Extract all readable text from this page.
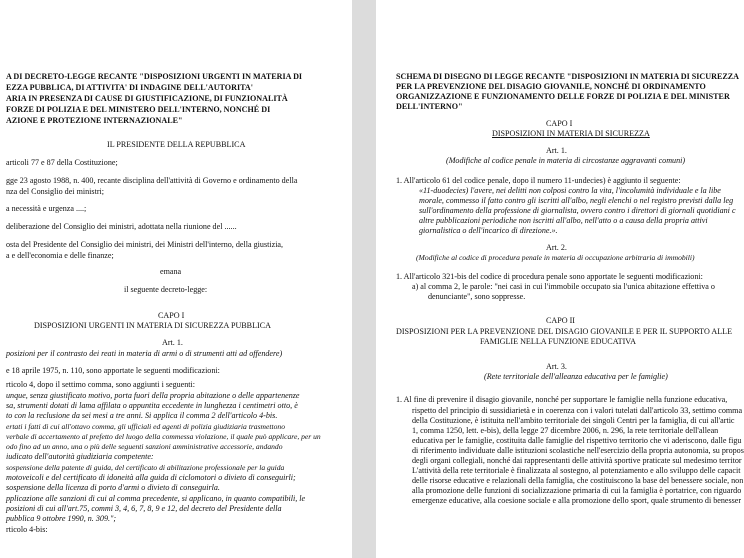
A DI DECRETO-LEGGE RECANTE "DISPOSIZIONI URGENTI IN MATERIA DI
EZZA PUBBLICA, DI ATTIVITA' DI INDAGINE DELL'AUTORITA'
ARIA IN PRESENZA DI CAUSE DI GIUSTIFICAZIONE, DI FUNZIONALITÀ
FORZE DI POLIZIA E DEL MINISTERO DELL'INTERNO, NONCHÉ DI
AZIONE E PROTEZIONE INTERNAZIONALE"
IL PRESIDENTE DELLA REPUBBLICA
articoli 77 e 87 della Costituzione;
gge 23 agosto 1988, n. 400, recante disciplina dell'attività di Governo e ordinamento della
nza del Consiglio dei ministri;
a necessità e urgenza ....;
deliberazione del Consiglio dei ministri, adottata nella riunione del ......
osta del Presidente del Consiglio dei ministri, dei Ministri dell'interno, della giustizia,
a e dell'economia e delle finanze;
emana
il seguente decreto-legge:
CAPO I
DISPOSIZIONI URGENTI IN MATERIA DI SICUREZZA PUBBLICA
Art. 1.
posizioni per il contrasto dei reati in materia di armi o di strumenti atti ad offendere)
e 18 aprile 1975, n. 110, sono apportate le seguenti modificazioni:
rticolo 4, dopo il settimo comma, sono aggiunti i seguenti:
unque, senza giustificato motivo, porta fuori della propria abitazione o delle appartenenze
sa, strumenti dotati di lama affilata o appuntita eccedente in lunghezza i centimetri otto, è
to con la reclusione da sei mesi a tre anni. Si applica il comma 2 dell'articolo 4-bis.
ertati i fatti di cui all'ottavo comma, gli ufficiali ed agenti di polizia giudiziaria trasmettono
verbale di accertamento al prefetto del luogo della commessa violazione, il quale può applicare, per un
odo fino ad un anno, una o più delle seguenti sanzioni amministrative accessorie, andando
iudicato dell'autorità giudiziaria competente:
sospensione della patente di guida, del certificato di abilitazione professionale per la guida
motoveicoli e del certificato di idoneità alla guida di ciclomotori o divieto di conseguirli;
sospensione della licenza di porto d'armi o divieto di conseguirla.
pplicazione alle sanzioni di cui al comma precedente, si applicano, in quanto compatibili, le
posizioni di cui all'art.75, commi 3, 4, 6, 7, 8, 9 e 12, del decreto del Presidente della
pubblica 9 ottobre 1990, n. 309.";
rticolo 4-bis:
SCHEMA DI DISEGNO DI LEGGE RECANTE "DISPOSIZIONI IN MATERIA DI SICUREZZA
PER LA PREVENZIONE DEL DISAGIO GIOVANILE, NONCHÉ DI ORDINAMENTO
ORGANIZZAZIONE E FUNZIONAMENTO DELLE FORZE DI POLIZIA E DEL MINISTER
DELL'INTERNO"
CAPO I
DISPOSIZIONI IN MATERIA DI SICUREZZA
Art. 1.
(Modifiche al codice penale in materia di circostanze aggravanti comuni)
1. All'articolo 61 del codice penale, dopo il numero 11-undecies) è aggiunto il seguente:
«11-duodecies) l'avere, nei delitti non colposi contro la vita, l'incolumità individuale e la libe
morale, commesso il fatto contro gli iscritti all'albo, negli elenchi o nel registro previsti dalla leg
sull'ordinamento della professione di giornalista, ovvero contro i direttori di giornali quotidiani c
altre pubblicazioni periodiche non iscritti all'albo, nell'atto o a causa della propria attivi
giornalistica o dell'incarico di direzione.».
Art. 2.
(Modifiche al codice di procedura penale in materia di occupazione arbitraria di immobili)
1. All'articolo 321-bis del codice di procedura penale sono apportate le seguenti modificazioni:
a) al comma 2, le parole: "nei casi in cui l'immobile occupato sia l'unica abitazione effettiva o
denunciante", sono soppresse.
CAPO II
DISPOSIZIONI PER LA PREVENZIONE DEL DISAGIO GIOVANILE E PER IL SUPPORTO ALLE
FAMIGLIE NELLA FUNZIONE EDUCATIVA
Art. 3.
(Rete territoriale dell'alleanza educativa per le famiglie)
1. Al fine di prevenire il disagio giovanile, nonché per supportare le famiglie nella funzione educativa,
rispetto del principio di sussidiarietà e in coerenza con i valori tutelati dall'articolo 33, settimo comma
della Costituzione, è istituita nell'ambito territoriale dei singoli Centri per la famiglia, di cui all'artic
1, comma 1250, lett. e-bis), della legge 27 dicembre 2006, n. 296, la rete territoriale dell'allean
educativa per le famiglie, costituita dalle famiglie del rispettivo territorio che vi aderiscono, dalle figu
di riferimento individuate dalle istituzioni scolastiche nell'esercizio della propria autonomia, su propos
degli organi collegiali, nonché dai rappresentanti delle attività sportive praticate sul medesimo territor
L'attività della rete territoriale è finalizzata al sostegno, al potenziamento e allo sviluppo delle capacit
delle risorse educative e relazionali della famiglia, che costituiscono la base del benessere sociale, non
alla promozione delle funzioni di socializzazione primaria di cui la famiglia è portatrice, con riguardo
emergenze educative, alla coesione sociale e alla promozione dello sport, quale strumento di benesser
